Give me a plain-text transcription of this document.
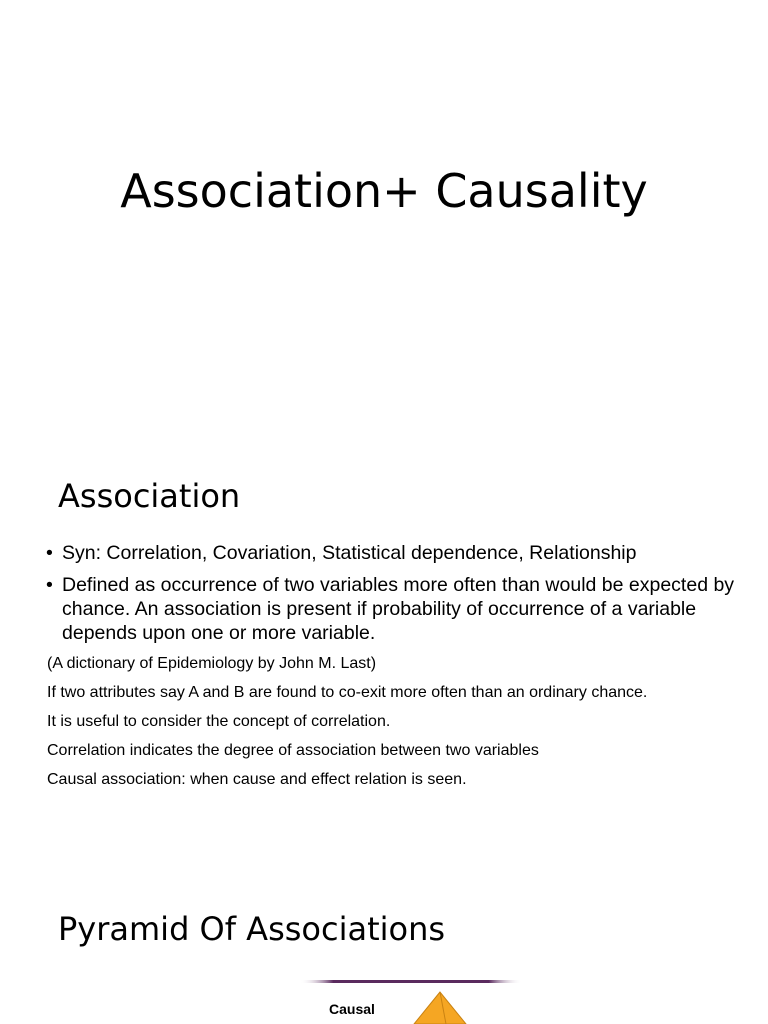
Association+ Causality
Association
• Syn: Correlation, Covariation, Statistical dependence, Relationship
• Defined as occurrence of two variables more often than would be expected by chance. An association is present if probability of occurrence of a variable depends upon one or more variable.

(A dictionary of Epidemiology by John M. Last)

If two attributes say A and B are found to co-exit more often than an ordinary chance.

It is useful to consider the concept of correlation.

Correlation indicates the degree of association between two variables

Causal association: when cause and effect relation is seen.

Pyramid Of Associations
Causal
